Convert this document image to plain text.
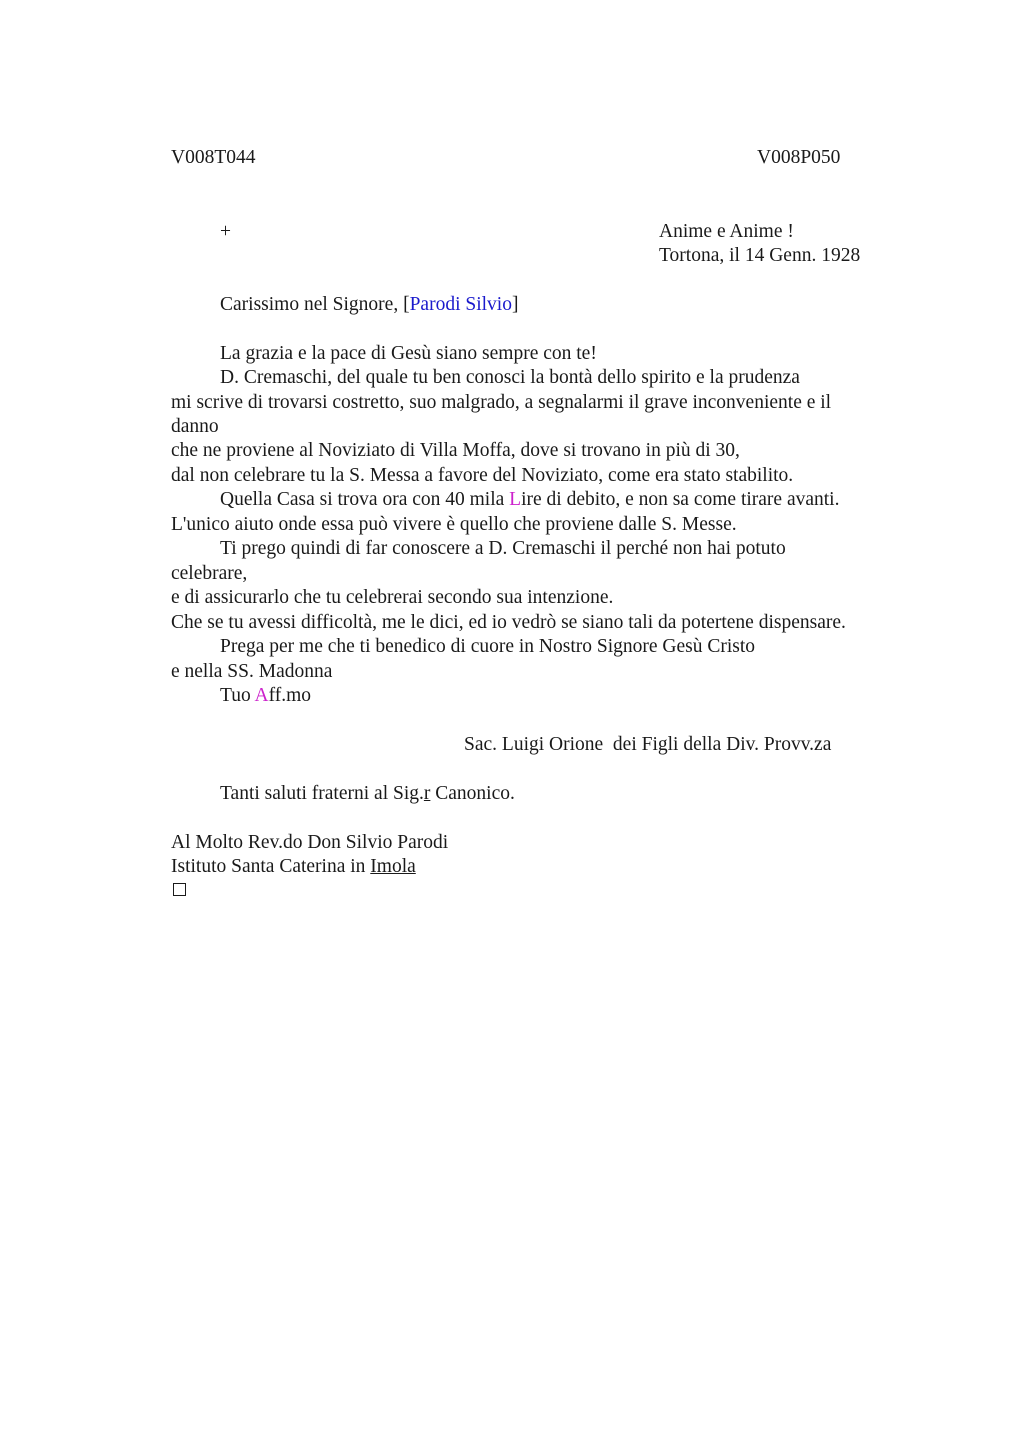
V008T044	V008P050
+	Anime e Anime !
Tortona, il 14 Genn. 1928
Carissimo nel Signore, [Parodi Silvio]
La grazia e la pace di Gesù siano sempre con te!
D. Cremaschi, del quale tu ben conosci la bontà dello spirito e la prudenza
mi scrive di trovarsi costretto, suo malgrado, a segnalarmi il grave inconveniente e il
danno
che ne proviene al Noviziato di Villa Moffa, dove si trovano in più di 30,
dal non celebrare tu la S. Messa a favore del Noviziato, come era stato stabilito.
Quella Casa si trova ora con 40 mila Lire di debito, e non sa come tirare avanti.
L'unico aiuto onde essa può vivere è quello che proviene dalle S. Messe.
Ti prego quindi di far conoscere a D. Cremaschi il perché non hai potuto
celebrare,
e di assicurarlo che tu celebrerai secondo sua intenzione.
Che se tu avessi difficoltà, me le dici, ed io vedrò se siano tali da potertene dispensare.
Prega per me che ti benedico di cuore in Nostro Signore Gesù Cristo
e nella SS. Madonna
Tuo Aff.mo
Sac. Luigi Orione  dei Figli della Div. Provv.za
Tanti saluti fraterni al Sig.r Canonico.
Al Molto Rev.do Don Silvio Parodi
Istituto Santa Caterina in Imola
